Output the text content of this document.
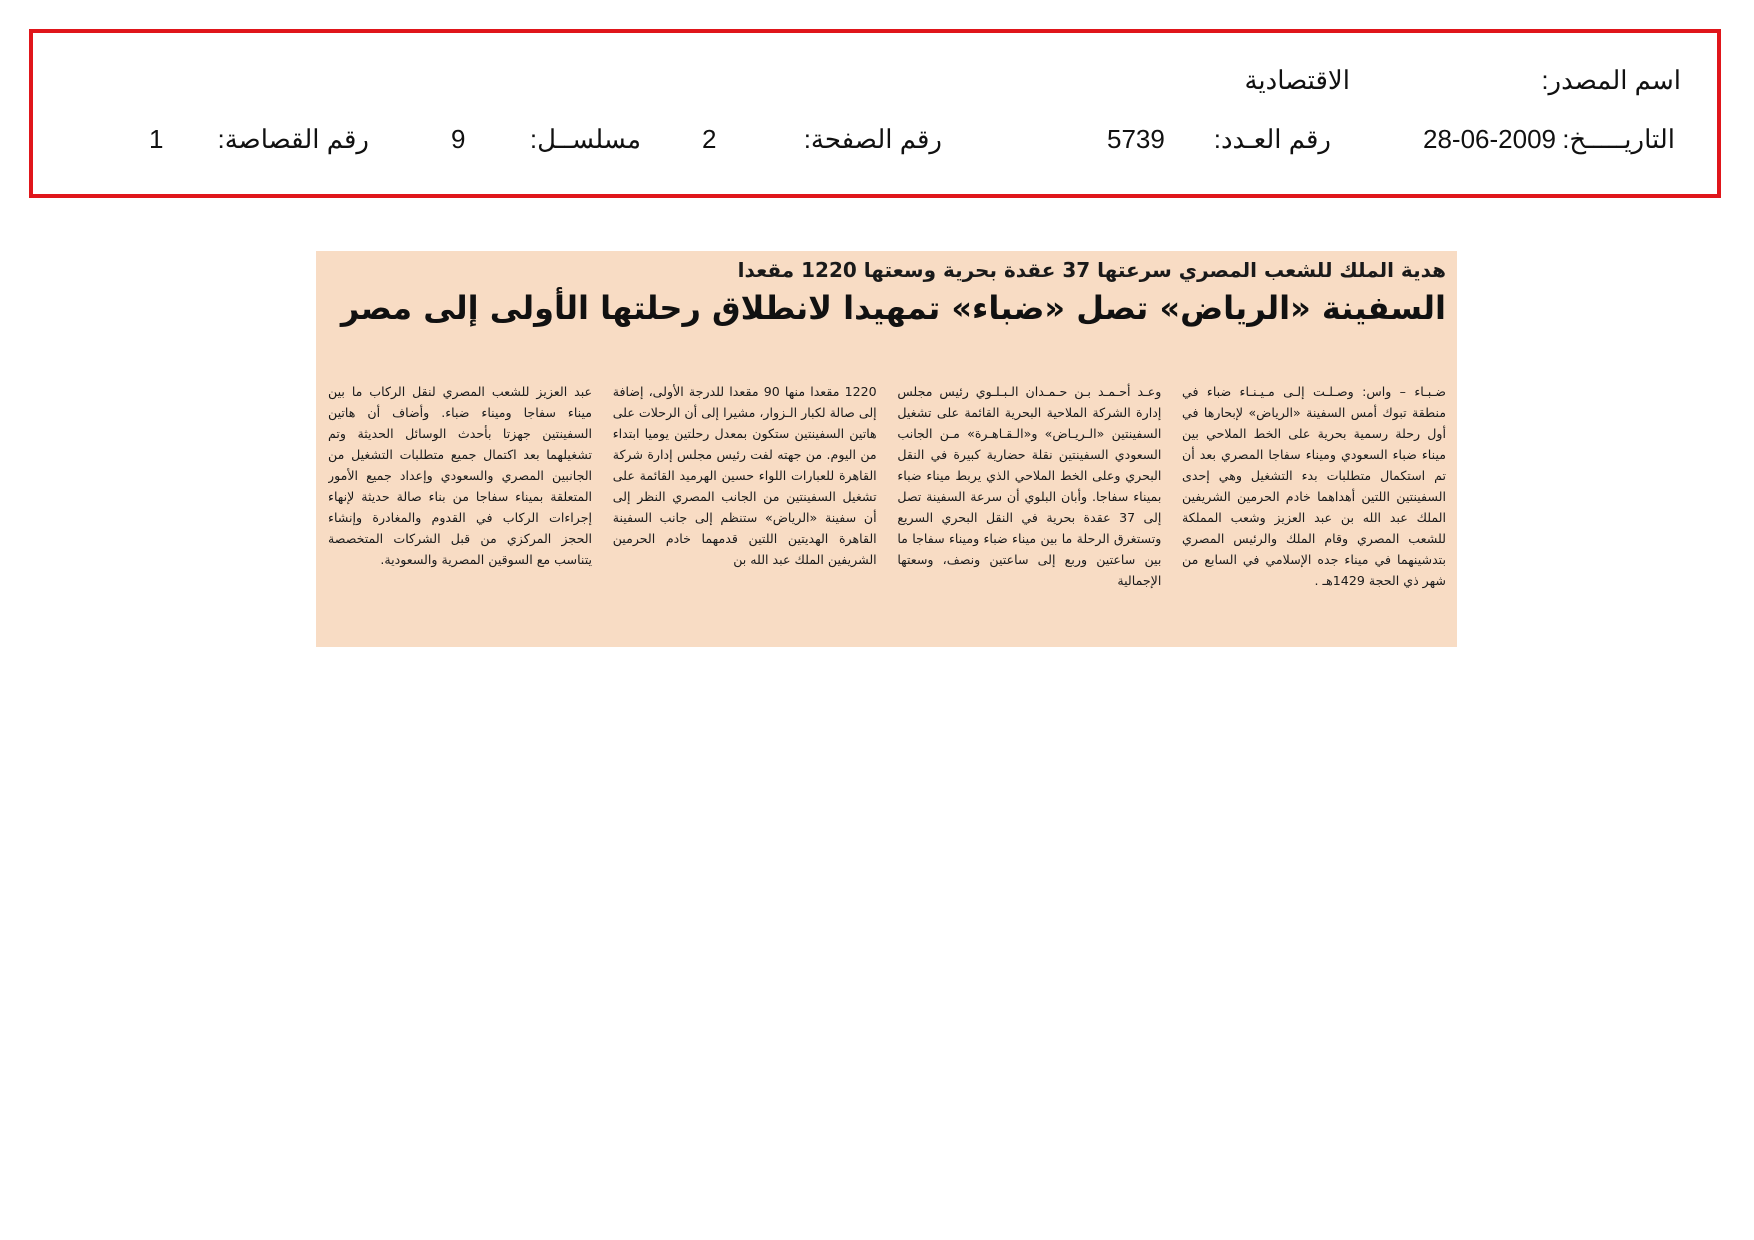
اسم المصدر:
الاقتصادية
التاريـــــخ:
28-06-2009
رقم العـدد:
5739
رقم الصفحة:
2
مسلســل:
9
رقم القصاصة:
1
هدية الملك للشعب المصري سرعتها 37 عقدة بحرية وسعتها 1220 مقعدا
السفينة «الرياض» تصل «ضباء» تمهيدا لانطلاق رحلتها الأولى إلى مصر
ضـبـاء – واس: وصـلـت إلـى مـيـنـاء ضباء في منطقة تبوك أمس السفينة «الرياض» لإبحارها في أول رحلة رسمية بحرية على الخط الملاحي بين ميناء ضباء السعودي وميناء سفاجا المصري بعد أن تم استكمال متطلبات بدء التشغيل وهي إحدى السفينتين اللتين أهداهما خادم الحرمين الشريفين الملك عبد الله بن عبد العزيز وشعب المملكة للشعب المصري وقام الملك والرئيس المصري بتدشينهما في ميناء جده الإسلامي في السابع من شهر ذي الحجة 1429هـ .
وعـد أحـمـد بـن حـمـدان الـبـلـوي رئيس مجلس إدارة الشركة الملاحية البحرية القائمة على تشغيل السفينتين «الـريـاض» و«الـقـاهـرة» مـن الجانب السعودي السفينتين نقلة حضارية كبيرة في النقل البحري وعلى الخط الملاحي الذي يربط ميناء ضباء بميناء سفاجا. وأبان البلوي أن سرعة السفينة تصل إلى 37 عقدة بحرية في النقل البحري السريع وتستغرق الرحلة ما بين ميناء ضباء وميناء سفاجا ما بين ساعتين وربع إلى ساعتين ونصف، وسعتها الإجمالية
1220 مقعدا منها 90 مقعدا للدرجة الأولى، إضافة إلى صالة لكبار الـزوار، مشيرا إلى أن الرحلات على هاتين السفينتين ستكون بمعدل رحلتين يوميا ابتداء من اليوم. من جهته لفت رئيس مجلس إدارة شركة القاهرة للعبارات اللواء حسين الهرميد القائمة على تشغيل السفينتين من الجانب المصري النظر إلى أن سفينة «الرياض» ستنظم إلى جانب السفينة القاهرة الهديتين اللتين قدمهما خادم الحرمين الشريفين الملك عبد الله بن
عبد العزيز للشعب المصري لنقل الركاب ما بين ميناء سفاجا وميناء ضباء. وأضاف أن هاتين السفينتين جهزتا بأحدث الوسائل الحديثة وتم تشغيلهما بعد اكتمال جميع متطلبات التشغيل من الجانبين المصري والسعودي وإعداد جميع الأمور المتعلقة بميناء سفاجا من بناء صالة حديثة لإنهاء إجراءات الركاب في القدوم والمغادرة وإنشاء الحجز المركزي من قبل الشركات المتخصصة يتناسب مع السوقين المصرية والسعودية.
